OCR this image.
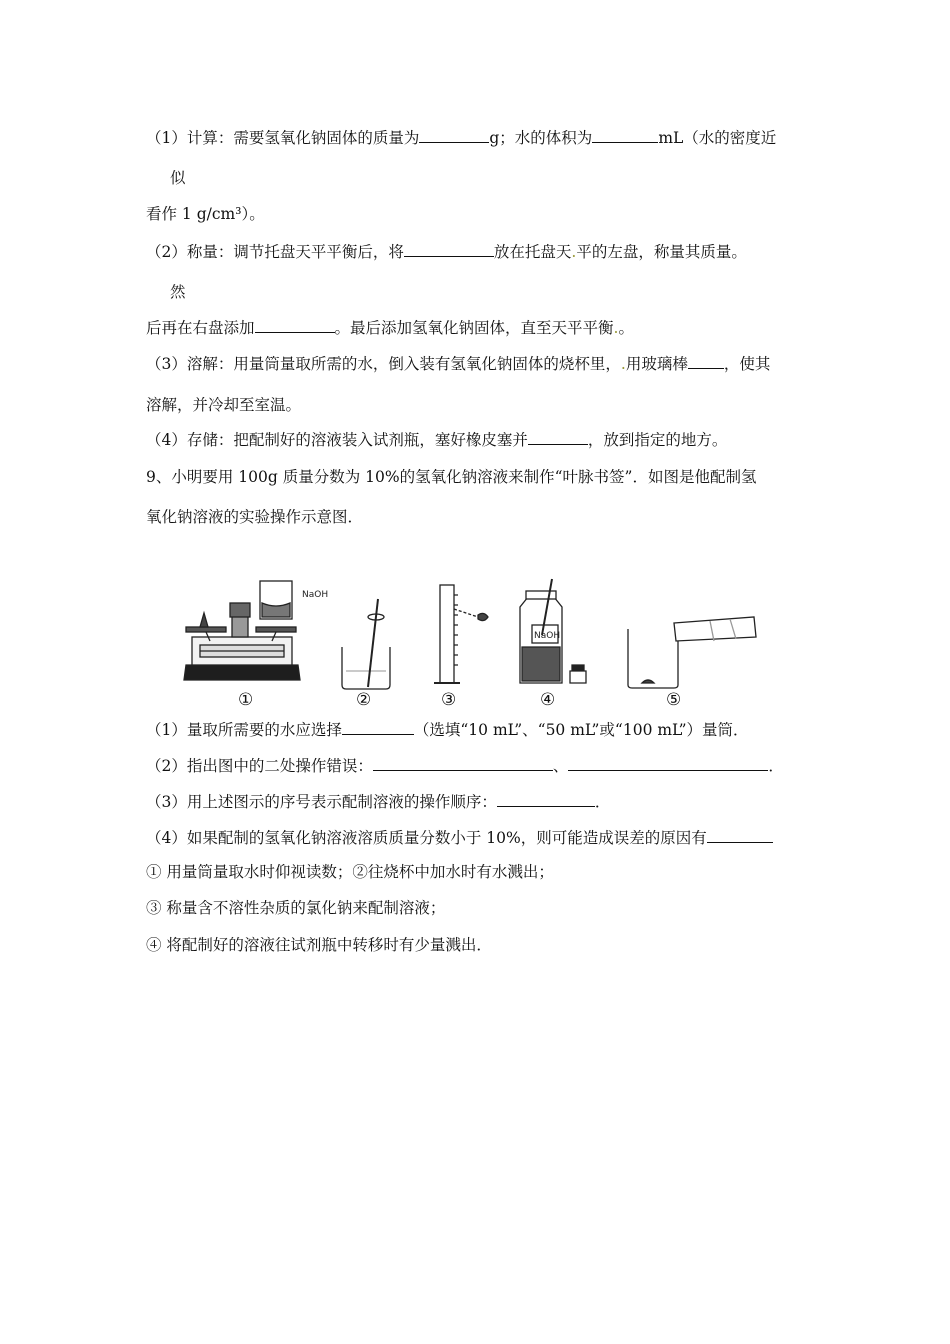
（1）计算：需要氢氧化钠固体的质量为	g；水的体积为	mL（水的密度近
似
看作 1 g/cm³）。
（2）称量：调节托盘天平平衡后，将	放在托盘天.平的左盘，称量其质量。
然
后再在右盘添加	。最后添加氢氧化钠固体，直至天平平衡.。
（3）溶解：用量筒量取所需的水，倒入装有氢氧化钠固体的烧杯里，.用玻璃棒 ，使其
溶解，并冷却至室温。
（4）存储：把配制好的溶液装入试剂瓶，塞好橡皮塞并	，放到指定的地方。
9、小明要用 100g 质量分数为 10%的氢氧化钠溶液来制作“叶脉书签”．如图是他配制氢
氧化钠溶液的实验操作示意图．
NaOH
NaOH
①	②	③	④	⑤
（1）量取所需要的水应选择	（选填“10 mL”、“50 mL”或“100 mL”）量筒．
（2）指出图中的二处操作错误：	、	．
（3）用上述图示的序号表示配制溶液的操作顺序：	．
（4）如果配制的氢氧化钠溶液溶质质量分数小于 10%，则可能造成误差的原因有
① 用量筒量取水时仰视读数；②往烧杯中加水时有水溅出；
③ 称量含不溶性杂质的氯化钠来配制溶液；
④ 将配制好的溶液往试剂瓶中转移时有少量溅出．
